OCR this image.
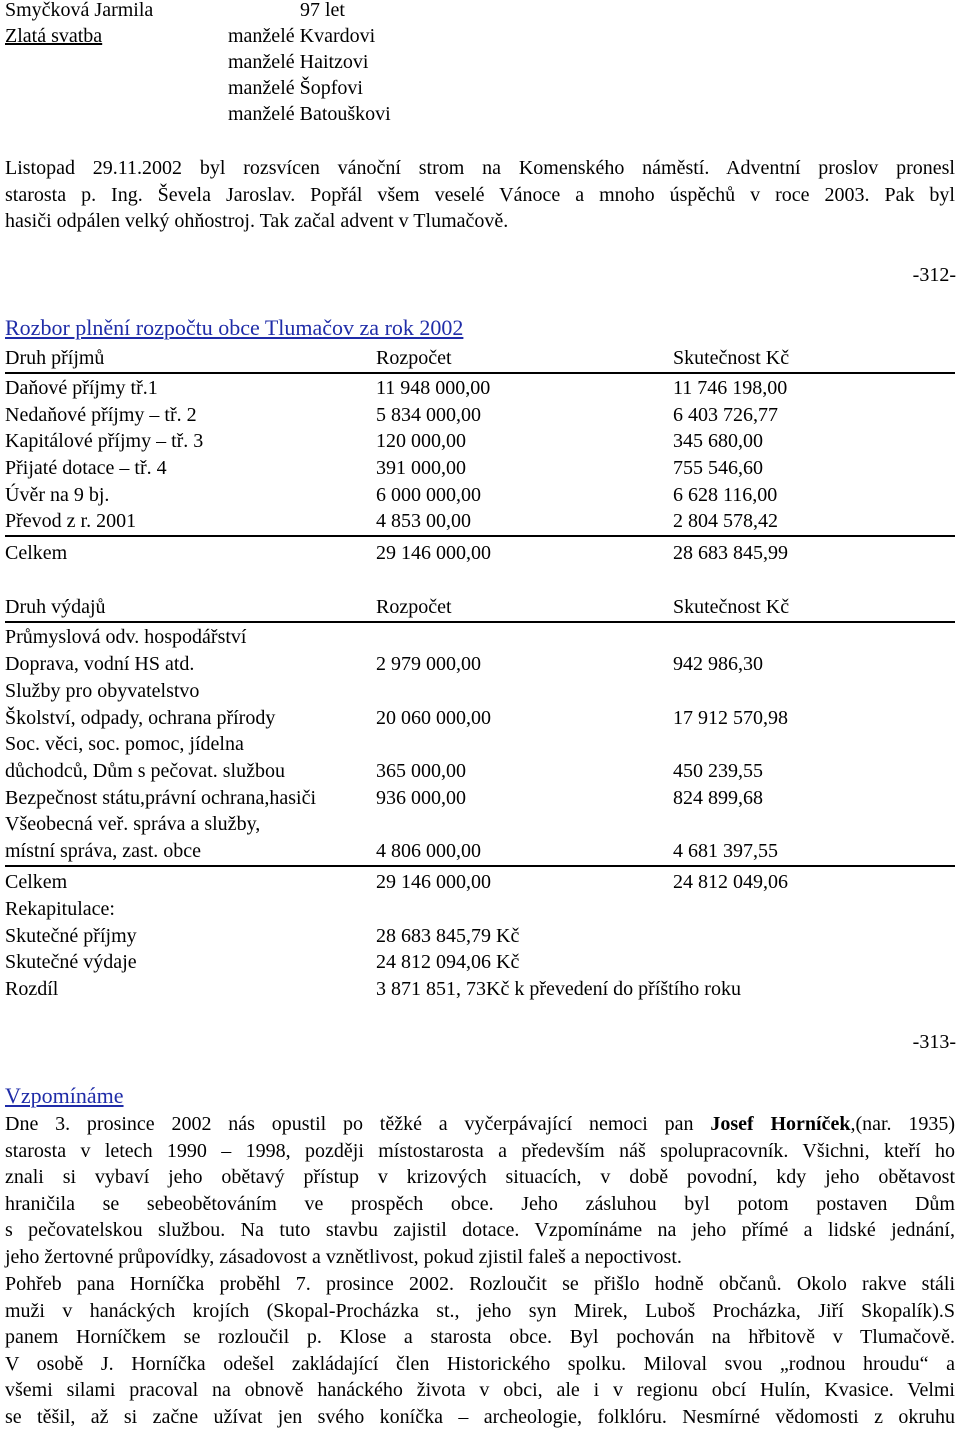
Smyčková Jarmila	97 let
Zlatá svatba	manželé Kvardovi
manželé Haitzovi
manželé Šopfovi
manželé Batouškovi
Listopad 29.11.2002 byl rozsvícen vánoční strom na Komenského náměstí. Adventní proslov pronesl
starosta p. Ing. Ševela Jaroslav. Popřál všem veselé Vánoce a mnoho úspěchů v roce 2003. Pak byl
hasiči odpálen velký ohňostroj. Tak začal advent v Tlumačově.
-312-
Rozbor plnění rozpočtu obce Tlumačov za rok 2002
Druh příjmů	Rozpočet	Skutečnost Kč
Daňové příjmy tř.1	11 948 000,00	11 746 198,00
Nedaňové příjmy – tř. 2	5 834 000,00	6 403 726,77
Kapitálové příjmy – tř. 3	120 000,00	345 680,00
Přijaté dotace – tř. 4	391 000,00	755 546,60
Úvěr na 9 bj.	6 000 000,00	6 628 116,00
Převod z r. 2001	4 853 00,00	2 804 578,42
Celkem	29 146 000,00	28 683 845,99
Druh výdajů	Rozpočet	Skutečnost Kč
Průmyslová odv. hospodářství
Doprava, vodní HS atd.	2 979 000,00	942 986,30
Služby pro obyvatelstvo
Školství, odpady, ochrana přírody	20 060 000,00	17 912 570,98
Soc. věci, soc. pomoc, jídelna
důchodců, Dům s pečovat. službou	365 000,00	450 239,55
Bezpečnost státu,právní ochrana,hasiči	936 000,00	824 899,68
Všeobecná veř. správa a služby,
místní správa, zast. obce	4 806 000,00	4 681 397,55
Celkem	29 146 000,00	24 812 049,06
Rekapitulace:
Skutečné příjmy	28 683 845,79 Kč
Skutečné výdaje	24 812 094,06 Kč
Rozdíl	3 871 851, 73Kč k převedení do příštího roku
-313-
Vzpomínáme
Dne 3. prosince 2002 nás opustil po těžké a vyčerpávající nemoci pan Josef Horníček,(nar. 1935)
starosta v letech 1990 – 1998, později místostarosta a především náš spolupracovník. Všichni, kteří ho
znali si vybaví jeho obětavý přístup v krizových situacích, v době povodní, kdy jeho obětavost
hraničila se sebeobětováním ve prospěch obce. Jeho zásluhou byl potom postaven Dům
s pečovatelskou službou. Na tuto stavbu zajistil dotace. Vzpomínáme na jeho přímé a lidské jednání,
jeho žertovné průpovídky, zásadovost a vznětlivost, pokud zjistil faleš a nepoctivost.
Pohřeb pana Horníčka proběhl 7. prosince 2002. Rozloučit se přišlo hodně občanů. Okolo rakve stáli
muži v hanáckých krojích (Skopal-Procházka st., jeho syn Mirek, Luboš Procházka, Jiří Skopalík).S
panem Horníčkem se rozloučil p. Klose a starosta obce. Byl pochován na hřbitově v Tlumačově.
V osobě J. Horníčka odešel zakládající člen Historického spolku. Miloval svou „rodnou hroudu“ a
všemi silami pracoval na obnově hanáckého života v obci, ale i v regionu obcí Hulín, Kvasice. Velmi
se těšil, až si začne užívat jen svého koníčka – archeologie, folklóru. Nesmírné vědomosti z okruhu
